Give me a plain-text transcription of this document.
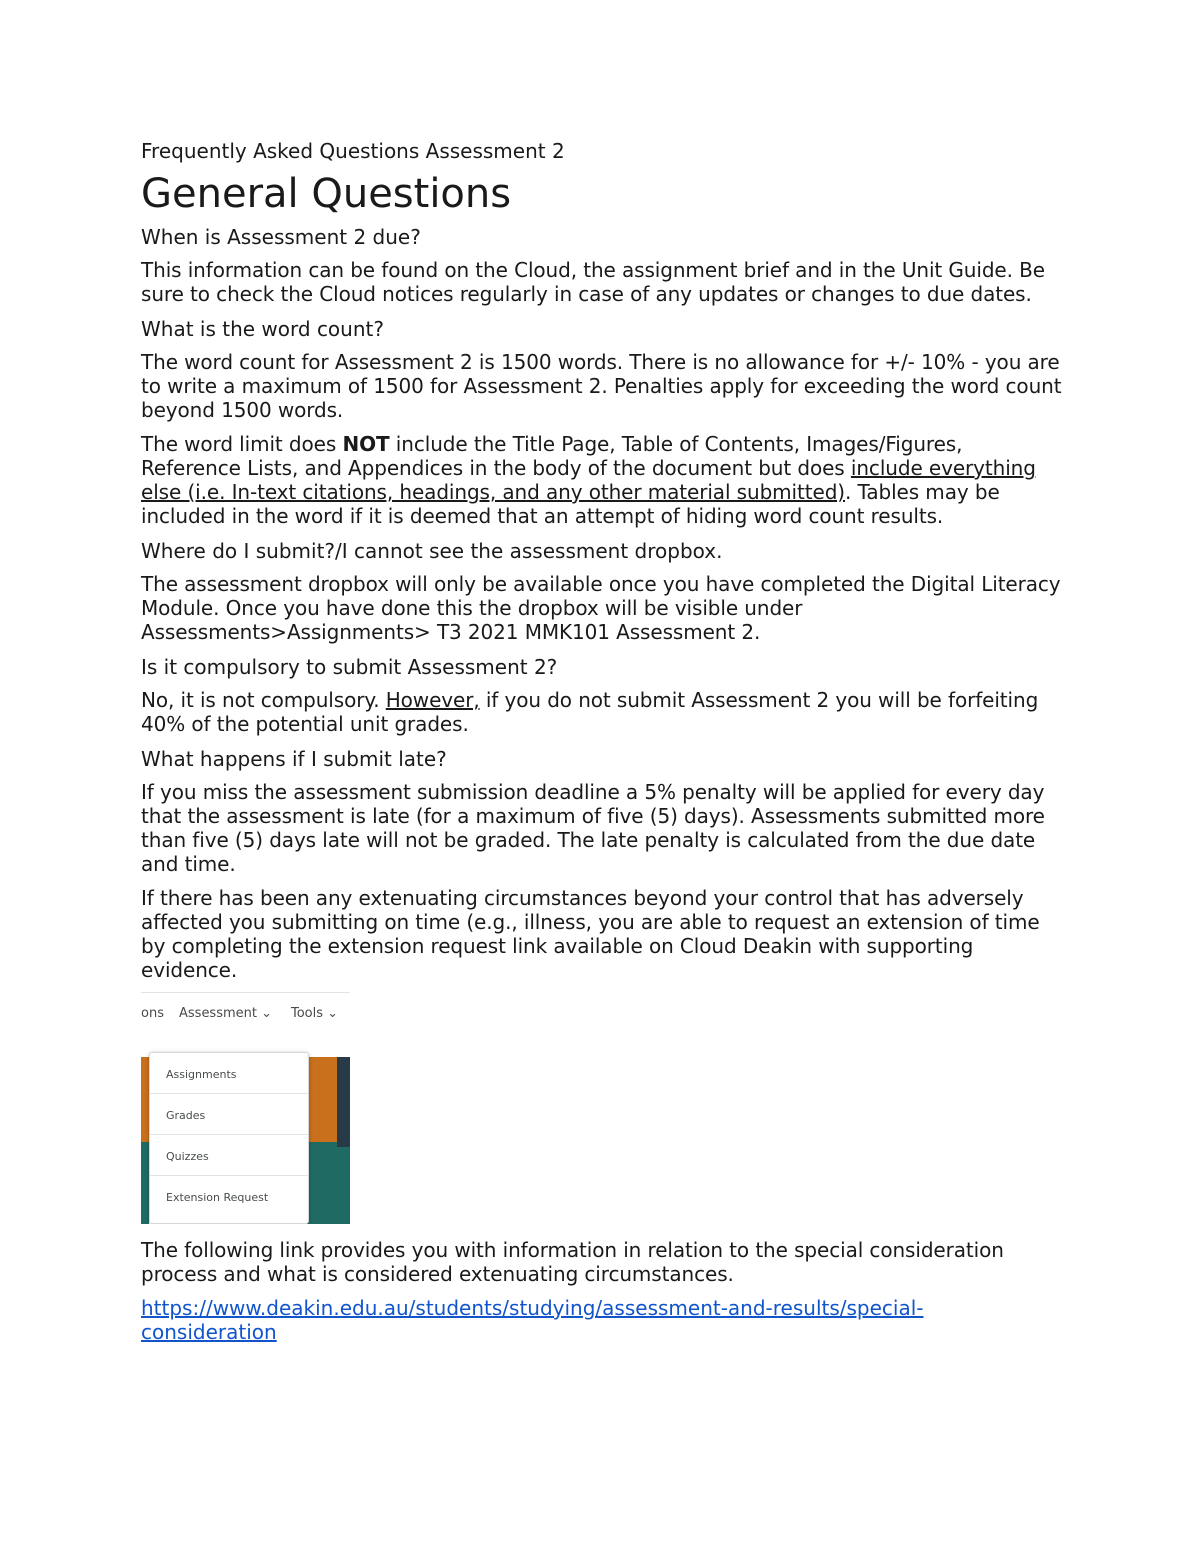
Frequently Asked Questions Assessment 2
General Questions
When is Assessment 2 due?
This information can be found on the Cloud, the assignment brief and in the Unit Guide. Be sure to check the Cloud notices regularly in case of any updates or changes to due dates.
What is the word count?
The word count for Assessment 2 is 1500 words. There is no allowance for +/- 10% - you are to write a maximum of 1500 for Assessment 2. Penalties apply for exceeding the word count beyond 1500 words.
The word limit does NOT include the Title Page, Table of Contents, Images/Figures, Reference Lists, and Appendices in the body of the document but does include everything else (i.e. In-text citations, headings, and any other material submitted). Tables may be included in the word if it is deemed that an attempt of hiding word count results.
Where do I submit?/I cannot see the assessment dropbox.
The assessment dropbox will only be available once you have completed the Digital Literacy Module. Once you have done this the dropbox will be visible under Assessments>Assignments> T3 2021 MMK101 Assessment 2.
Is it compulsory to submit Assessment 2?
No, it is not compulsory. However, if you do not submit Assessment 2 you will be forfeiting 40% of the potential unit grades.
What happens if I submit late?
If you miss the assessment submission deadline a 5% penalty will be applied for every day that the assessment is late (for a maximum of five (5) days). Assessments submitted more than five (5) days late will not be graded. The late penalty is calculated from the due date and time.
If there has been any extenuating circumstances beyond your control that has adversely affected you submitting on time (e.g., illness, you are able to request an extension of time by completing the extension request link available on Cloud Deakin with supporting evidence.
ons Assessment ⌄ Tools ⌄
Assignments
Grades
Quizzes
Extension Request
The following link provides you with information in relation to the special consideration process and what is considered extenuating circumstances.
https://www.deakin.edu.au/students/studying/assessment-and-results/special-
consideration
